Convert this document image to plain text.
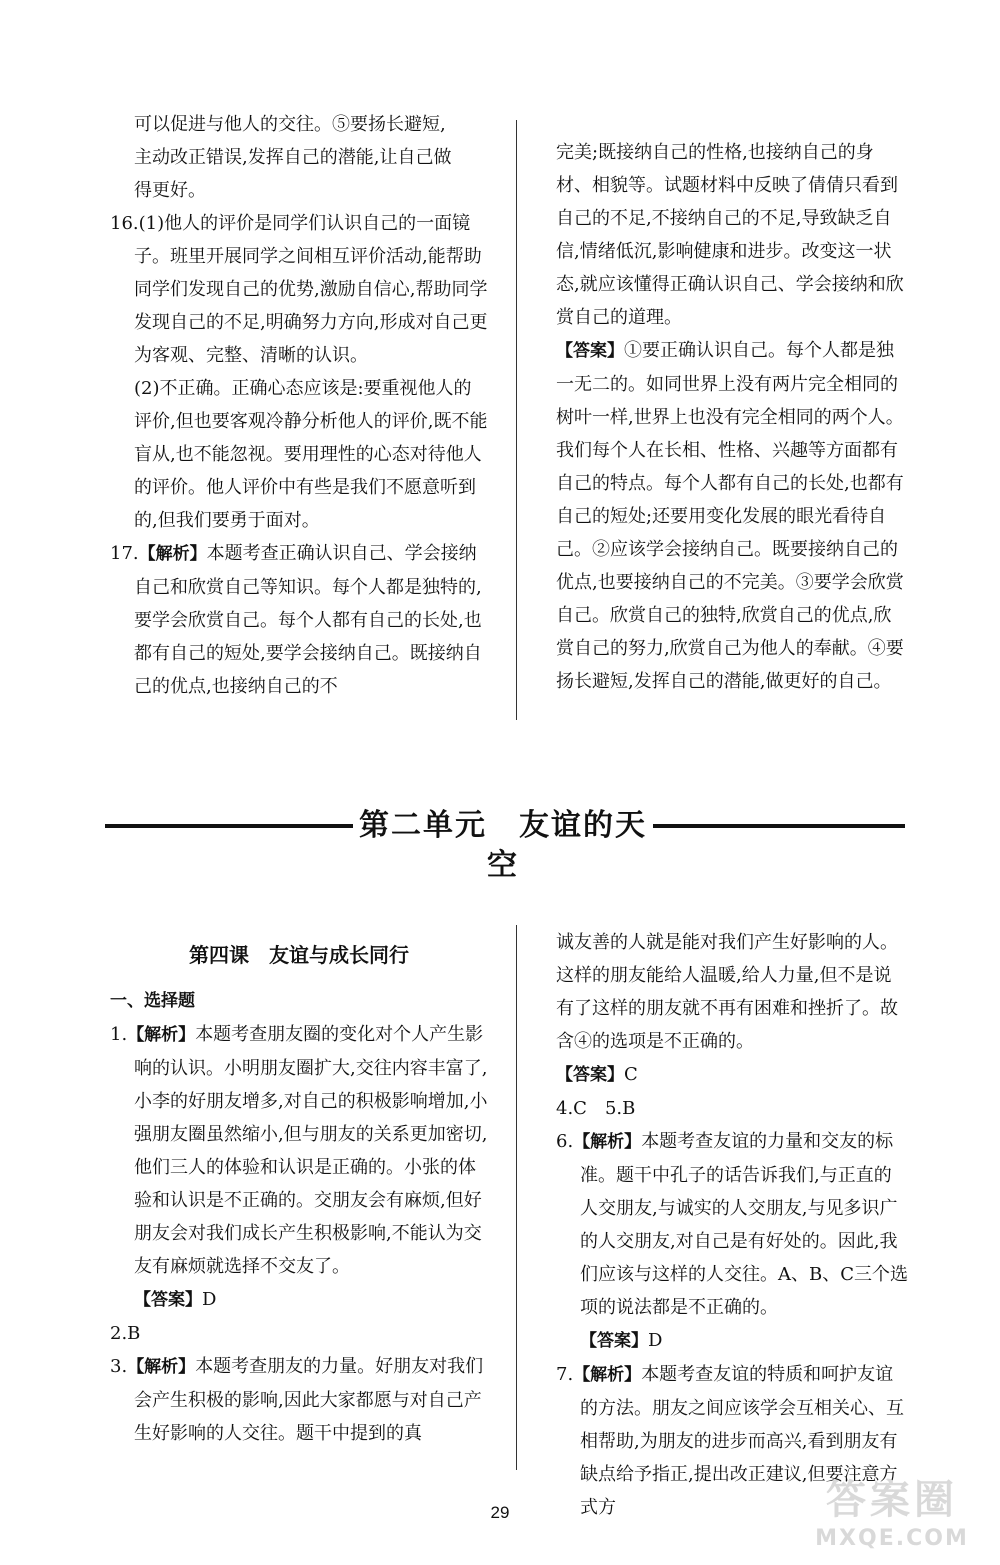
可以促进与他人的交往。⑤要扬长避短,

主动改正错误,发挥自己的潜能,让自己做

得更好。

16.(1)他人的评价是同学们认识自己的一面镜子。班里开展同学之间相互评价活动,能帮助同学们发现自己的优势,激励自信心,帮助同学发现自己的不足,明确努力方向,形成对自己更为客观、完整、清晰的认识。

(2)不正确。正确心态应该是:要重视他人的评价,但也要客观冷静分析他人的评价,既不能盲从,也不能忽视。要用理性的心态对待他人的评价。他人评价中有些是我们不愿意听到的,但我们要勇于面对。

17.【解析】本题考查正确认识自己、学会接纳自己和欣赏自己等知识。每个人都是独特的,要学会欣赏自己。每个人都有自己的长处,也都有自己的短处,要学会接纳自己。既接纳自己的优点,也接纳自己的不

完美;既接纳自己的性格,也接纳自己的身材、相貌等。试题材料中反映了倩倩只看到自己的不足,不接纳自己的不足,导致缺乏自信,情绪低沉,影响健康和进步。改变这一状态,就应该懂得正确认识自己、学会接纳和欣赏自己的道理。

【答案】①要正确认识自己。每个人都是独一无二的。如同世界上没有两片完全相同的树叶一样,世界上也没有完全相同的两个人。我们每个人在长相、性格、兴趣等方面都有自己的特点。每个人都有自己的长处,也都有自己的短处;还要用变化发展的眼光看待自己。②应该学会接纳自己。既要接纳自己的优点,也要接纳自己的不完美。③要学会欣赏自己。欣赏自己的独特,欣赏自己的优点,欣赏自己的努力,欣赏自己为他人的奉献。④要扬长避短,发挥自己的潜能,做更好的自己。

第二单元　友谊的天空
第四课　友谊与成长同行

一、选择题

1.【解析】本题考查朋友圈的变化对个人产生影响的认识。小明朋友圈扩大,交往内容丰富了,小李的好朋友增多,对自己的积极影响增加,小强朋友圈虽然缩小,但与朋友的关系更加密切,他们三人的体验和认识是正确的。小张的体验和认识是不正确的。交朋友会有麻烦,但好朋友会对我们成长产生积极影响,不能认为交友有麻烦就选择不交友了。

【答案】D

2.B

3.【解析】本题考查朋友的力量。好朋友对我们会产生积极的影响,因此大家都愿与对自己产生好影响的人交往。题干中提到的真

诚友善的人就是能对我们产生好影响的人。这样的朋友能给人温暖,给人力量,但不是说有了这样的朋友就不再有困难和挫折了。故含④的选项是不正确的。

【答案】C

4.C　5.B

6.【解析】本题考查友谊的力量和交友的标准。题干中孔子的话告诉我们,与正直的人交朋友,与诚实的人交朋友,与见多识广的人交朋友,对自己是有好处的。因此,我们应该与这样的人交往。A、B、C三个选项的说法都是不正确的。

【答案】D

7.【解析】本题考查友谊的特质和呵护友谊的方法。朋友之间应该学会互相关心、互相帮助,为朋友的进步而高兴,看到朋友有缺点给予指正,提出改正建议,但要注意方式方

29	答案圈
MXQE.COM
